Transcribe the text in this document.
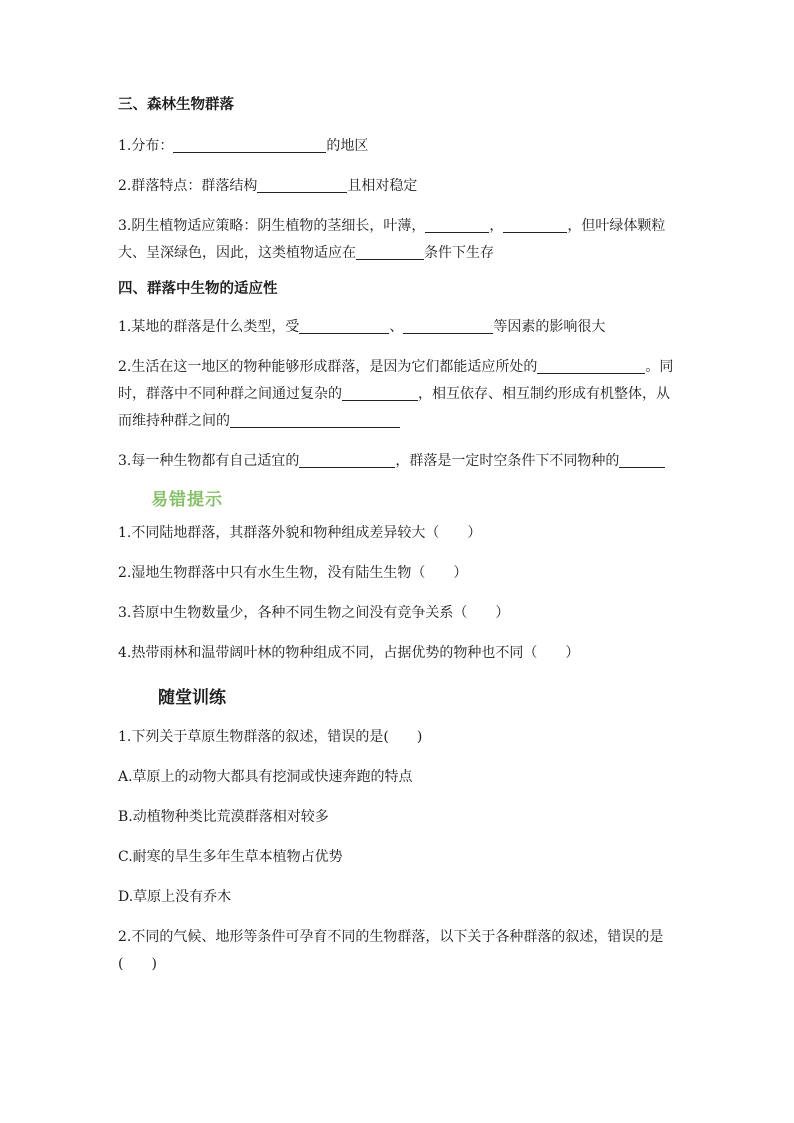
三、森林生物群落

1.分布：	的地区

2.群落特点：群落结构	且相对稳定

3.阴生植物适应策略：阴生植物的茎细长，叶薄，	，	，但叶绿体颗粒
大、呈深绿色，因此，这类植物适应在	条件下生存

四、群落中生物的适应性

1.某地的群落是什么类型，受	、	等因素的影响很大

2.生活在这一地区的物种能够形成群落，是因为它们都能适应所处的	。同
时，群落中不同种群之间通过复杂的	，相互依存、相互制约形成有机整体，从
而维持种群之间的

3.每一种生物都有自己适宜的	，群落是一定时空条件下不同物种的

易错提示

1.不同陆地群落，其群落外貌和物种组成差异较大（　　）

2.湿地生物群落中只有水生生物，没有陆生生物（　　）

3.苔原中生物数量少，各种不同生物之间没有竞争关系（　　）

4.热带雨林和温带阔叶林的物种组成不同，占据优势的物种也不同（　　）

随堂训练

1.下列关于草原生物群落的叙述，错误的是(　　)

A.草原上的动物大都具有挖洞或快速奔跑的特点

B.动植物种类比荒漠群落相对较多

C.耐寒的旱生多年生草本植物占优势

D.草原上没有乔木

2.不同的气候、地形等条件可孕育不同的生物群落，以下关于各种群落的叙述，错误的是
(　　)
